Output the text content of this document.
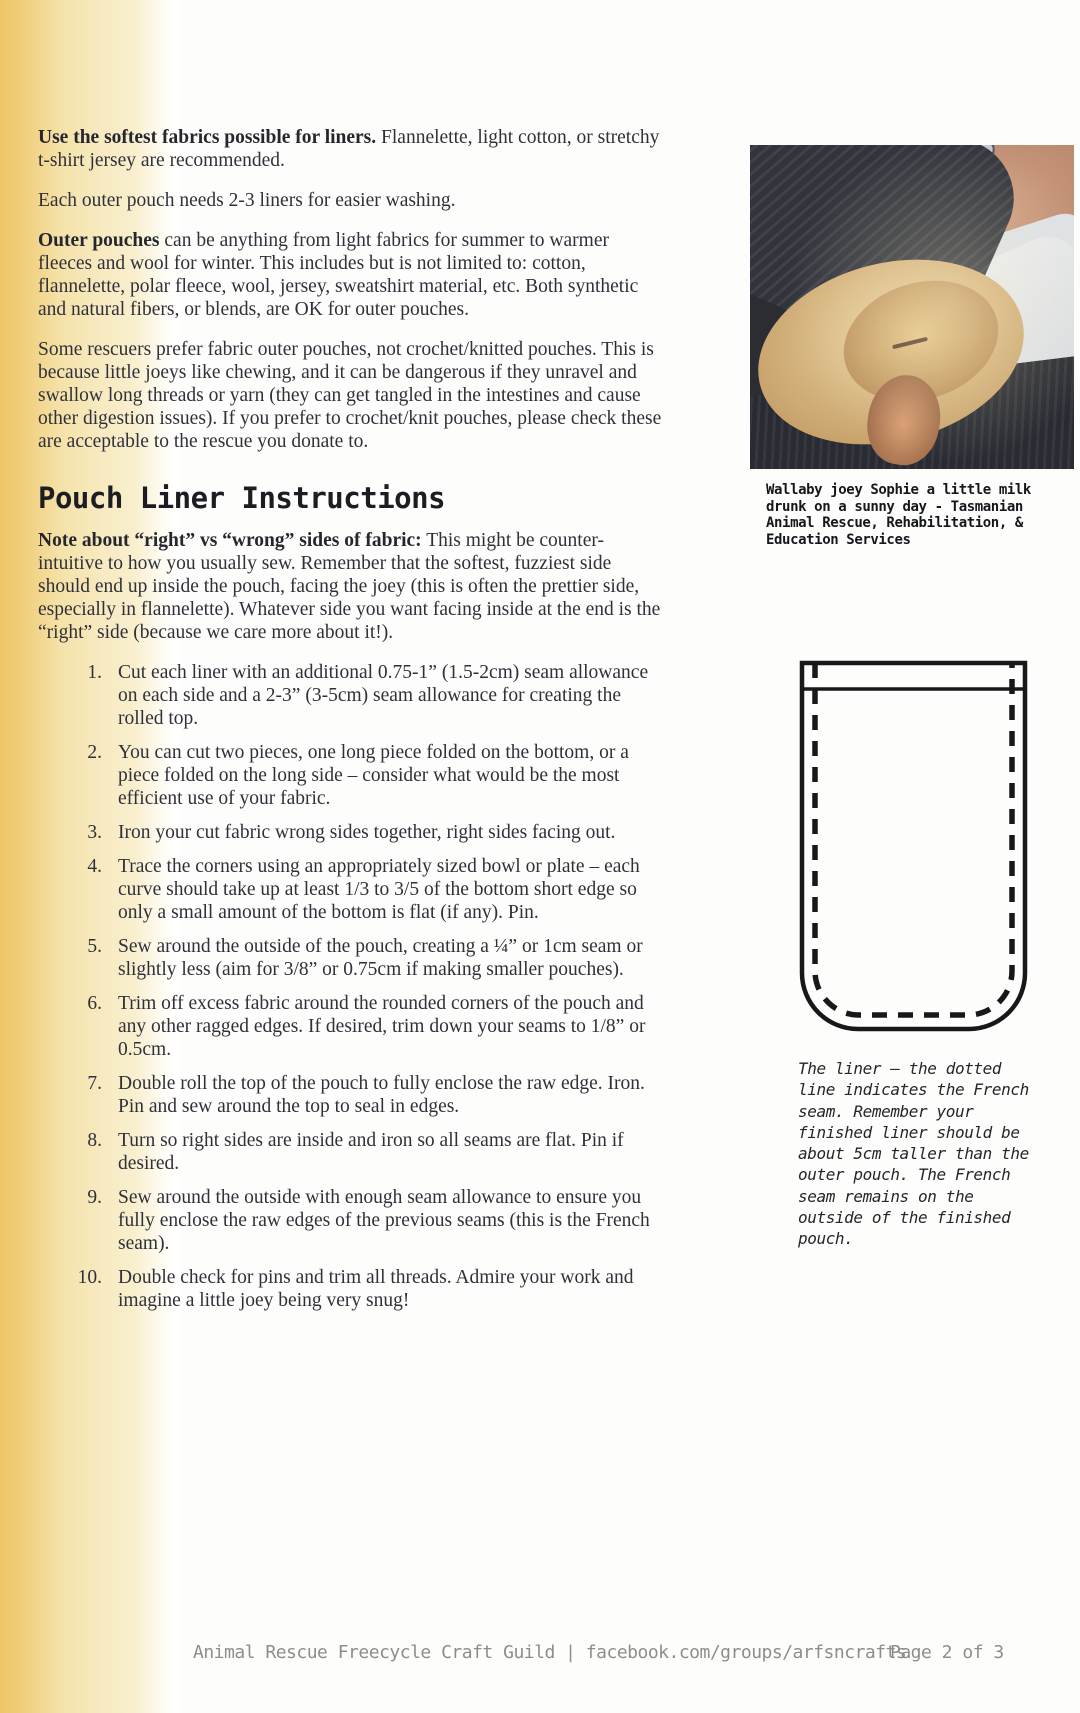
Use the softest fabrics possible for liners. Flannelette, light cotton, or stretchy t-shirt jersey are recommended.

Each outer pouch needs 2-3 liners for easier washing.

Outer pouches can be anything from light fabrics for summer to warmer fleeces and wool for winter. This includes but is not limited to: cotton, flannelette, polar fleece, wool, jersey, sweatshirt material, etc. Both synthetic and natural fibers, or blends, are OK for outer pouches.

Some rescuers prefer fabric outer pouches, not crochet/knitted pouches. This is because little joeys like chewing, and it can be dangerous if they unravel and swallow long threads or yarn (they can get tangled in the intestines and cause other digestion issues). If you prefer to crochet/knit pouches, please check these are acceptable to the rescue you donate to.

Pouch Liner Instructions

Note about “right” vs “wrong” sides of fabric: This might be counter-intuitive to how you usually sew. Remember that the softest, fuzziest side should end up inside the pouch, facing the joey (this is often the prettier side, especially in flannelette). Whatever side you want facing inside at the end is the “right” side (because we care more about it!).

1. Cut each liner with an additional 0.75-1” (1.5-2cm) seam allowance on each side and a 2-3” (3-5cm) seam allowance for creating the rolled top.
2. You can cut two pieces, one long piece folded on the bottom, or a piece folded on the long side – consider what would be the most efficient use of your fabric.
3. Iron your cut fabric wrong sides together, right sides facing out.
4. Trace the corners using an appropriately sized bowl or plate – each curve should take up at least 1/3 to 3/5 of the bottom short edge so only a small amount of the bottom is flat (if any). Pin.
5. Sew around the outside of the pouch, creating a ¼” or 1cm seam or slightly less (aim for 3/8” or 0.75cm if making smaller pouches).
6. Trim off excess fabric around the rounded corners of the pouch and any other ragged edges. If desired, trim down your seams to 1/8” or 0.5cm.
7. Double roll the top of the pouch to fully enclose the raw edge. Iron. Pin and sew around the top to seal in edges.
8. Turn so right sides are inside and iron so all seams are flat. Pin if desired.
9. Sew around the outside with enough seam allowance to ensure you fully enclose the raw edges of the previous seams (this is the French seam).
10. Double check for pins and trim all threads. Admire your work and imagine a little joey being very snug!
Wallaby joey Sophie a little milk drunk on a sunny day - Tasmanian Animal Rescue, Rehabilitation, & Education Services
The liner – the dotted line indicates the French seam. Remember your finished liner should be about 5cm taller than the outer pouch. The French seam remains on the outside of the finished pouch.
Animal Rescue Freecycle Craft Guild | facebook.com/groups/arfsncrafts
Page 2 of 3
